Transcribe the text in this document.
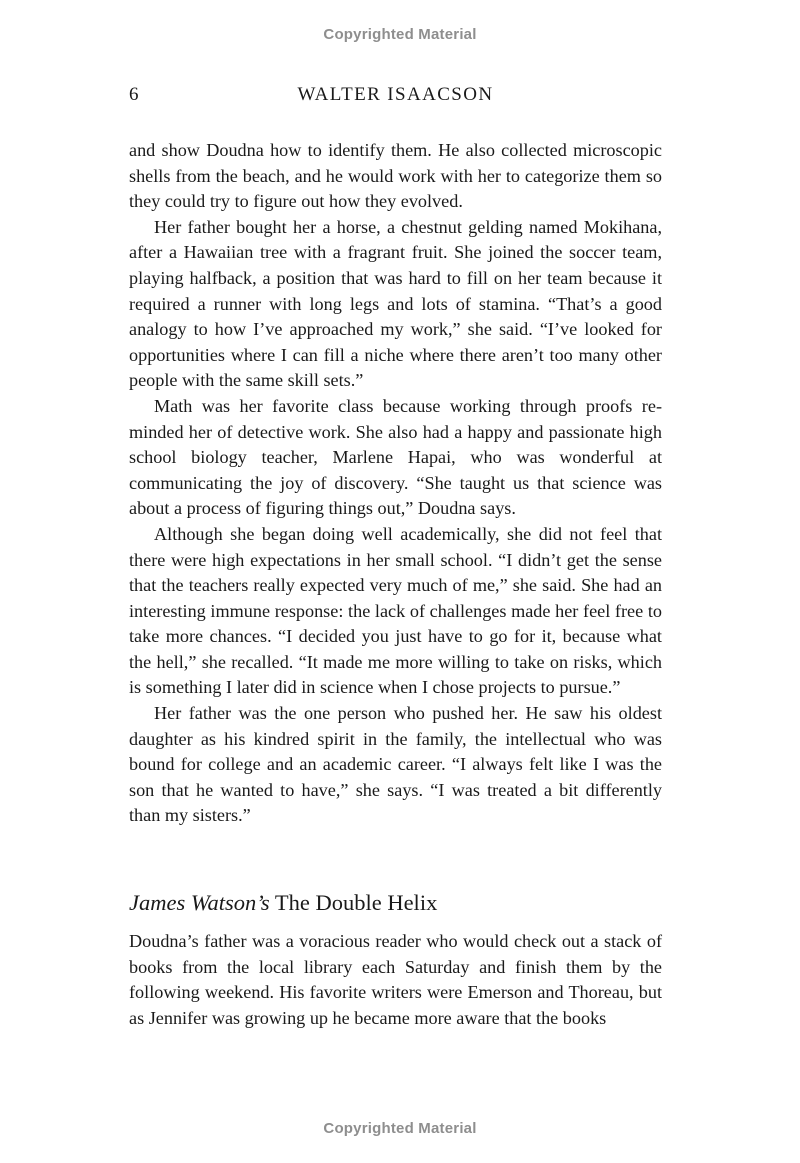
Copyrighted Material
6	WALTER ISAACSON

and show Doudna how to identify them. He also collected microscopic shells from the beach, and he would work with her to categorize them so they could try to figure out how they evolved.

Her father bought her a horse, a chestnut gelding named Mokihana, after a Hawaiian tree with a fragrant fruit. She joined the soccer team, playing halfback, a position that was hard to fill on her team because it required a runner with long legs and lots of stamina. “That’s a good analogy to how I’ve approached my work,” she said. “I’ve looked for opportunities where I can fill a niche where there aren’t too many other people with the same skill sets.”

Math was her favorite class because working through proofs reminded her of detective work. She also had a happy and passionate high school biology teacher, Marlene Hapai, who was wonderful at communicating the joy of discovery. “She taught us that science was about a process of figuring things out,” Doudna says.

Although she began doing well academically, she did not feel that there were high expectations in her small school. “I didn’t get the sense that the teachers really expected very much of me,” she said. She had an interesting immune response: the lack of challenges made her feel free to take more chances. “I decided you just have to go for it, because what the hell,” she recalled. “It made me more willing to take on risks, which is something I later did in science when I chose projects to pursue.”

Her father was the one person who pushed her. He saw his oldest daughter as his kindred spirit in the family, the intellectual who was bound for college and an academic career. “I always felt like I was the son that he wanted to have,” she says. “I was treated a bit differently than my sisters.”

James Watson’s The Double Helix

Doudna’s father was a voracious reader who would check out a stack of books from the local library each Saturday and finish them by the following weekend. His favorite writers were Emerson and Thoreau, but as Jennifer was growing up he became more aware that the books

Copyrighted Material
